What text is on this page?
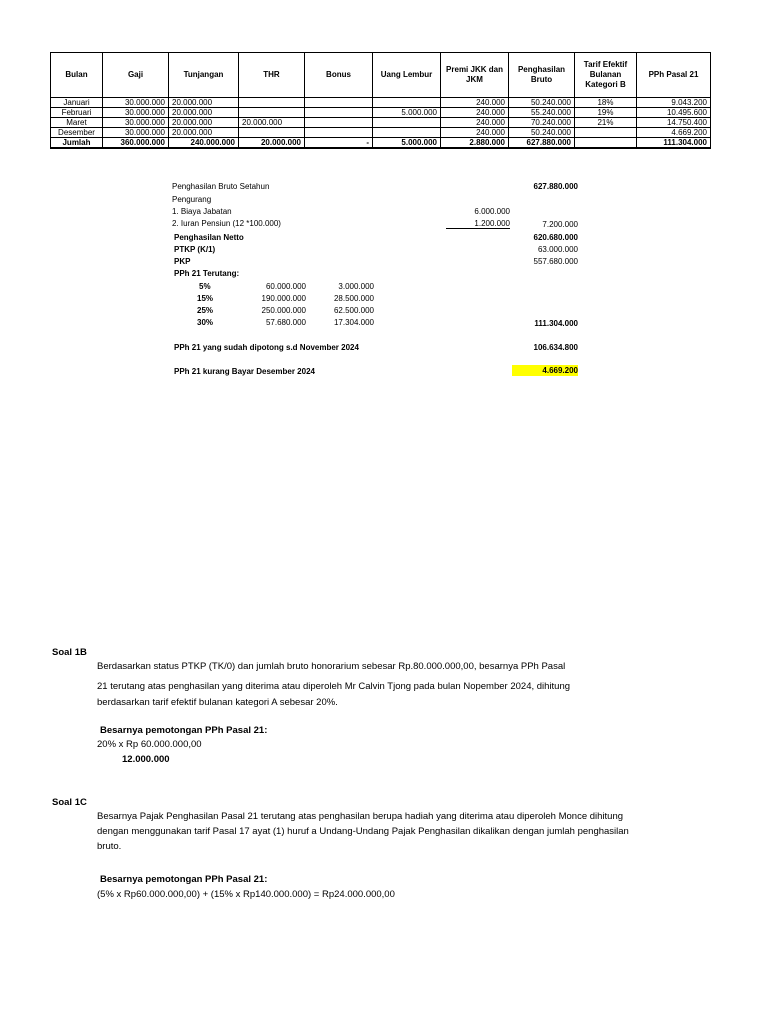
Bulan	Gaji	Tunjangan	THR	Bonus	Uang Lembur	Premi JKK dan JKM	Penghasilan Bruto	Tarif Efektif Bulanan Kategori B	PPh Pasal 21
Januari	30.000.000	20.000.000				240.000	50.240.000	18%	9.043.200
Februari	30.000.000	20.000.000			5.000.000	240.000	55.240.000	19%	10.495.600
Maret	30.000.000	20.000.000	20.000.000			240.000	70.240.000	21%	14.750.400
Desember	30.000.000	20.000.000				240.000	50.240.000		4.669.200
Jumlah	360.000.000	240.000.000	20.000.000	-	5.000.000	2.880.000	627.880.000		111.304.000
Penghasilan Bruto Setahun	627.880.000
Pengurang
1. Biaya Jabatan	6.000.000
2. Iuran Pensiun (12 *100.000)	1.200.000	7.200.000
Penghasilan Netto	620.680.000
PTKP (K/1)	63.000.000
PKP	557.680.000
PPh 21 Terutang:
5%	60.000.000	3.000.000
15%	190.000.000	28.500.000
25%	250.000.000	62.500.000
30%	57.680.000	17.304.000	111.304.000
PPh 21 yang sudah dipotong s.d November 2024	106.634.800
PPh 21 kurang Bayar Desember 2024	4.669.200
Soal 1B
Berdasarkan status PTKP (TK/0) dan jumlah bruto honorarium sebesar Rp.80.000.000,00, besarnya PPh Pasal
21 terutang atas penghasilan yang diterima atau diperoleh Mr Calvin Tjong pada bulan Nopember 2024, dihitung
berdasarkan tarif efektif bulanan kategori A sebesar 20%.
Besarnya pemotongan PPh Pasal 21:
20% x Rp 60.000.000,00
12.000.000
Soal 1C
Besarnya Pajak Penghasilan Pasal 21 terutang atas penghasilan berupa hadiah yang diterima atau diperoleh Monce dihitung
dengan menggunakan tarif Pasal 17 ayat (1) huruf a Undang-Undang Pajak Penghasilan dikalikan dengan jumlah penghasilan
bruto.
Besarnya pemotongan PPh Pasal 21:
(5% x Rp60.000.000,00) + (15% x Rp140.000.000) = Rp24.000.000,00
